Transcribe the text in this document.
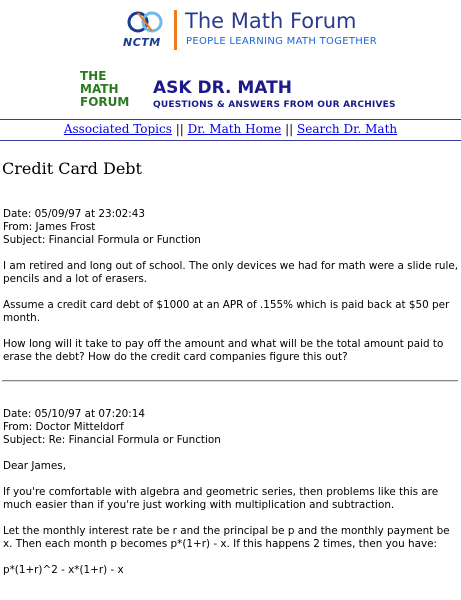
NCTM
The Math Forum
PEOPLE LEARNING MATH TOGETHER
THE
MATH
FORUM
ASK DR. MATH
QUESTIONS & ANSWERS FROM OUR ARCHIVES
Associated Topics || Dr. Math Home || Search Dr. Math
Credit Card Debt
Date: 05/09/97 at 23:02:43
From: James Frost
Subject: Financial Formula or Function

I am retired and long out of school. The only devices we had for math were a slide rule, pencils and a lot of erasers.

Assume a credit card debt of $1000 at an APR of .155% which is paid back at $50 per month.

How long will it take to pay off the amount and what will be the total amount paid to erase the debt? How do the credit card companies figure this out?

Date: 05/10/97 at 07:20:14
From: Doctor Mitteldorf
Subject: Re: Financial Formula or Function

Dear James,

If you're comfortable with algebra and geometric series, then problems like this are much easier than if you're just working with multiplication and subtraction.

Let the monthly interest rate be r and the principal be p and the monthly payment be x. Then each month p becomes p*(1+r) - x. If this happens 2 times, then you have:

p*(1+r)^2 - x*(1+r) - x
